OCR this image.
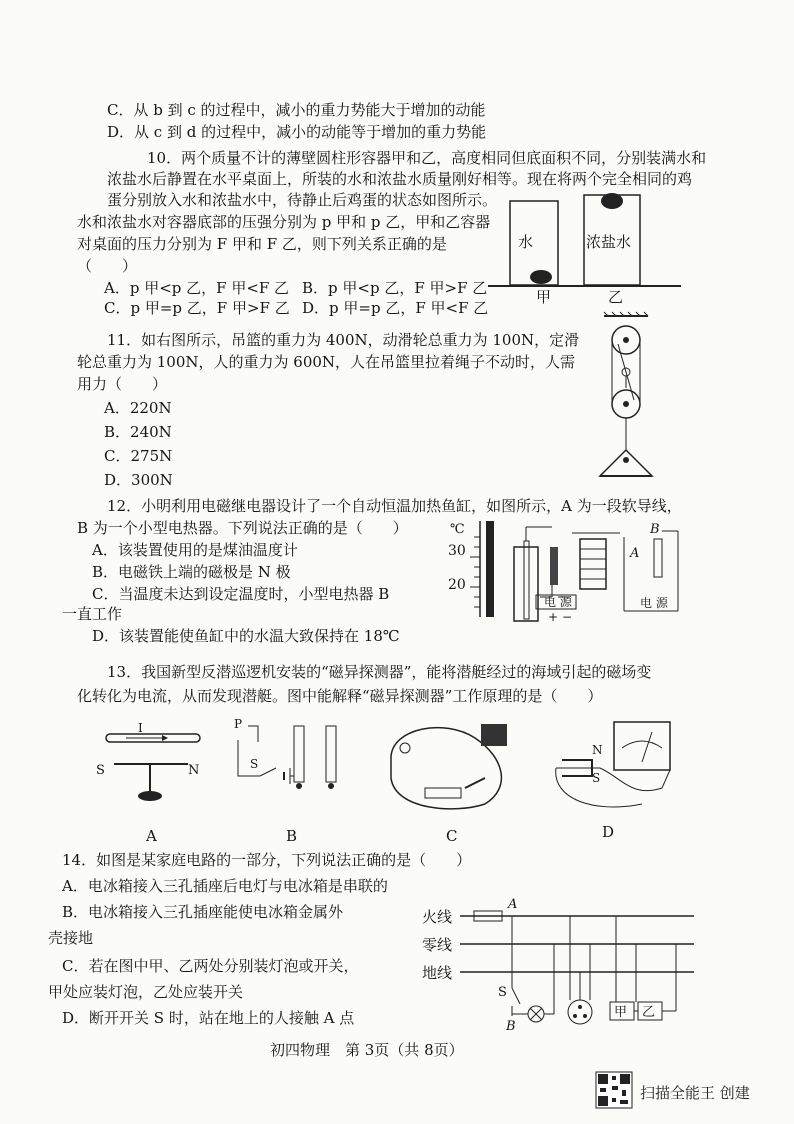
C．从 b 到 c 的过程中，减小的重力势能大于增加的动能
D．从 c 到 d 的过程中，减小的动能等于增加的重力势能
10．两个质量不计的薄壁圆柱形容器甲和乙，高度相同但底面积不同，分别装满水和
浓盐水后静置在水平桌面上，所装的水和浓盐水质量刚好相等。现在将两个完全相同的鸡
蛋分别放入水和浓盐水中，待静止后鸡蛋的状态如图所示。
水和浓盐水对容器底部的压强分别为 p 甲和 p 乙，甲和乙容器
对桌面的压力分别为 F 甲和 F 乙，则下列关系正确的是
（　　）
A．p 甲<p 乙，F 甲<F 乙 B．p 甲<p 乙，F 甲>F 乙
C．p 甲=p 乙，F 甲>F 乙 D．p 甲=p 乙，F 甲<F 乙
水	浓盐水
甲	乙
11．如右图所示，吊篮的重力为 400N，动滑轮总重力为 100N，定滑
轮总重力为 100N，人的重力为 600N，人在吊篮里拉着绳子不动时，人需
用力（　　）
A．220N
B．240N
C．275N
D．300N
12．小明利用电磁继电器设计了一个自动恒温加热鱼缸，如图所示，A 为一段软导线，
B 为一个小型电热器。下列说法正确的是（　　）
A．该装置使用的是煤油温度计
B．电磁铁上端的磁极是 N 极
C．当温度未达到设定温度时，小型电热器 B
一直工作
D．该装置能使鱼缸中的水温大致保持在 18℃
℃
30
20
电 源
+ −
A
B
电 源
13．我国新型反潜巡逻机安装的“磁异探测器”，能将潜艇经过的海域引起的磁场变
化转化为电流，从而发现潜艇。图中能解释“磁异探测器”工作原理的是（　　）
I
S	N
P
S
N
S
A	B	C	D
14．如图是某家庭电路的一部分，下列说法正确的是（　　）
A．电冰箱接入三孔插座后电灯与电冰箱是串联的
B．电冰箱接入三孔插座能使电冰箱金属外
壳接地
C．若在图中甲、乙两处分别装灯泡或开关，
甲处应装灯泡，乙处应装开关
D．断开开关 S 时，站在地上的人接触 A 点
火线
零线
地线
A
S
B
甲 乙
初四物理　第 3页（共 8页）
扫描全能王 创建
